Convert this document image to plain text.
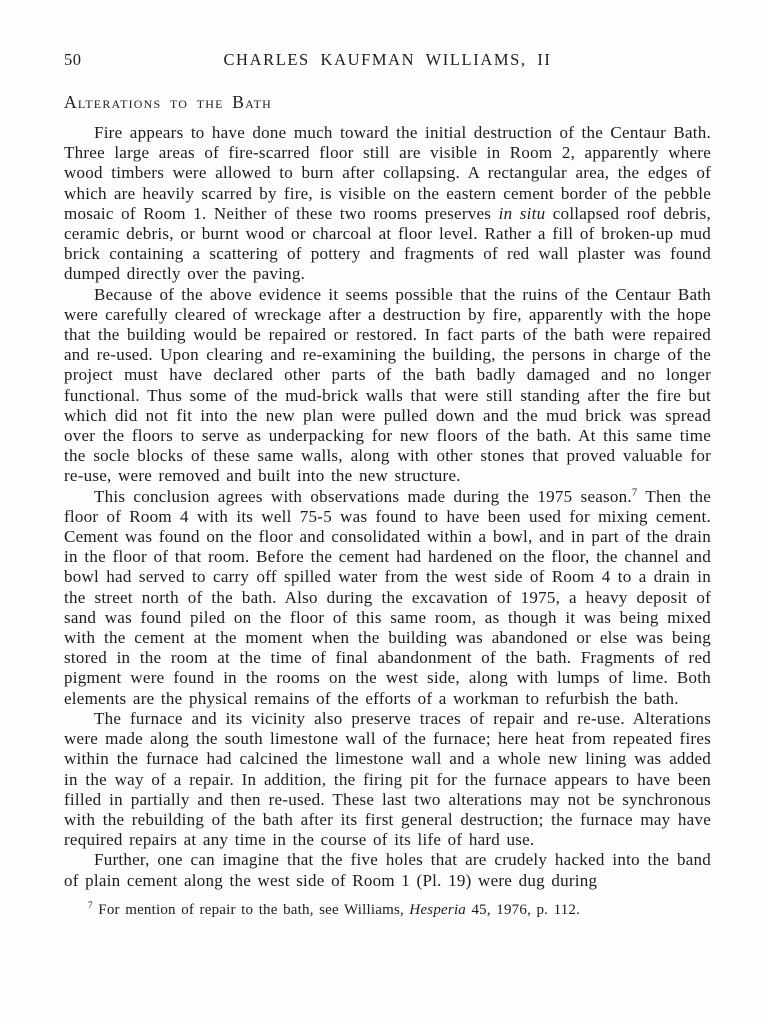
50	CHARLES KAUFMAN WILLIAMS, II
Alterations to the Bath

Fire appears to have done much toward the initial destruction of the Centaur Bath. Three large areas of fire-scarred floor still are visible in Room 2, apparently where wood timbers were allowed to burn after collapsing. A rectangular area, the edges of which are heavily scarred by fire, is visible on the eastern cement border of the pebble mosaic of Room 1. Neither of these two rooms preserves in situ collapsed roof debris, ceramic debris, or burnt wood or charcoal at floor level. Rather a fill of broken-up mud brick containing a scattering of pottery and fragments of red wall plaster was found dumped directly over the paving.

Because of the above evidence it seems possible that the ruins of the Centaur Bath were carefully cleared of wreckage after a destruction by fire, apparently with the hope that the building would be repaired or restored. In fact parts of the bath were repaired and re-used. Upon clearing and re-examining the building, the persons in charge of the project must have declared other parts of the bath badly damaged and no longer functional. Thus some of the mud-brick walls that were still standing after the fire but which did not fit into the new plan were pulled down and the mud brick was spread over the floors to serve as underpacking for new floors of the bath. At this same time the socle blocks of these same walls, along with other stones that proved valuable for re-use, were removed and built into the new structure.

This conclusion agrees with observations made during the 1975 season.$^7$ Then the floor of Room 4 with its well 75-5 was found to have been used for mixing cement. Cement was found on the floor and consolidated within a bowl, and in part of the drain in the floor of that room. Before the cement had hardened on the floor, the channel and bowl had served to carry off spilled water from the west side of Room 4 to a drain in the street north of the bath. Also during the excavation of 1975, a heavy deposit of sand was found piled on the floor of this same room, as though it was being mixed with the cement at the moment when the building was abandoned or else was being stored in the room at the time of final abandonment of the bath. Fragments of red pigment were found in the rooms on the west side, along with lumps of lime. Both elements are the physical remains of the efforts of a workman to refurbish the bath.

The furnace and its vicinity also preserve traces of repair and re-use. Alterations were made along the south limestone wall of the furnace; here heat from repeated fires within the furnace had calcined the limestone wall and a whole new lining was added in the way of a repair. In addition, the firing pit for the furnace appears to have been filled in partially and then re-used. These last two alterations may not be synchronous with the rebuilding of the bath after its first general destruction; the furnace may have required repairs at any time in the course of its life of hard use.

Further, one can imagine that the five holes that are crudely hacked into the band of plain cement along the west side of Room 1 (Pl. 19) were dug during

$^7$ For mention of repair to the bath, see Williams, Hesperia 45, 1976, p. 112.
